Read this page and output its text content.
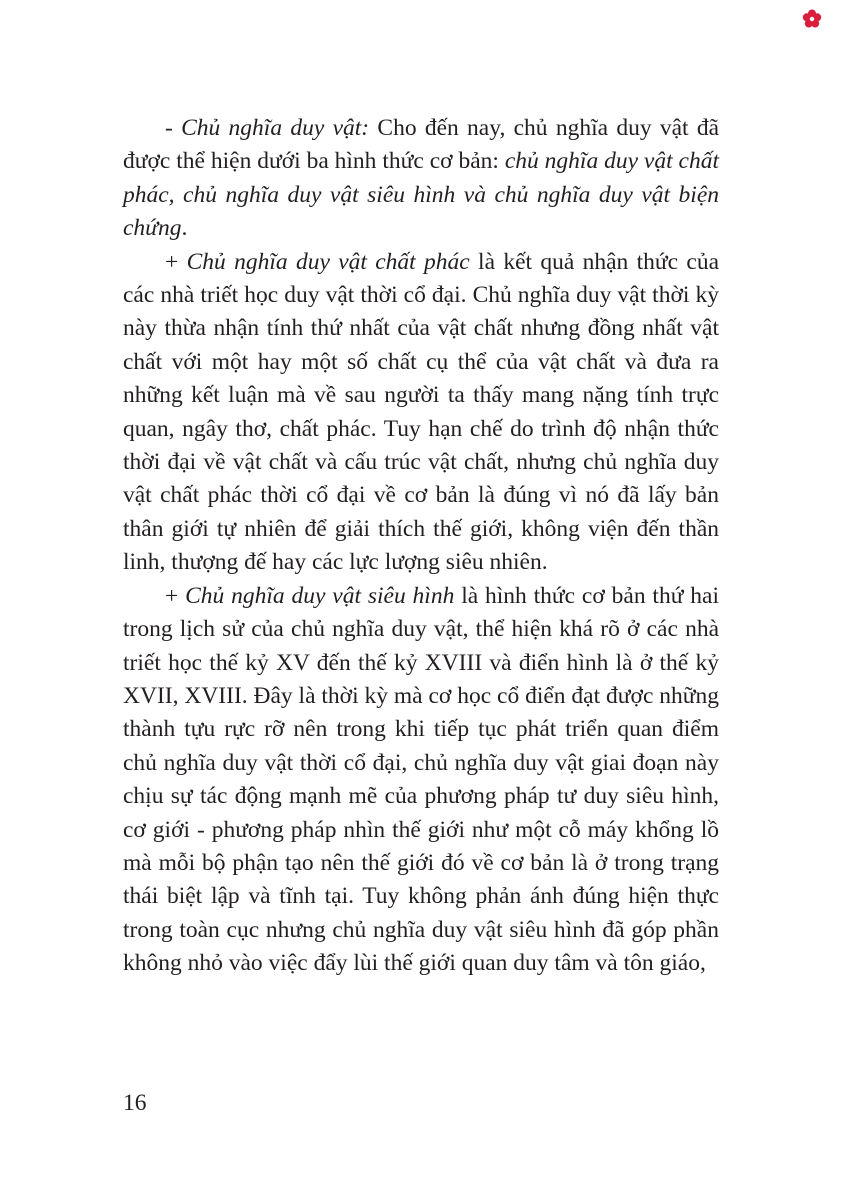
- Chủ nghĩa duy vật: Cho đến nay, chủ nghĩa duy vật đã được thể hiện dưới ba hình thức cơ bản: chủ nghĩa duy vật chất phác, chủ nghĩa duy vật siêu hình và chủ nghĩa duy vật biện chứng.

+ Chủ nghĩa duy vật chất phác là kết quả nhận thức của các nhà triết học duy vật thời cổ đại. Chủ nghĩa duy vật thời kỳ này thừa nhận tính thứ nhất của vật chất nhưng đồng nhất vật chất với một hay một số chất cụ thể của vật chất và đưa ra những kết luận mà về sau người ta thấy mang nặng tính trực quan, ngây thơ, chất phác. Tuy hạn chế do trình độ nhận thức thời đại về vật chất và cấu trúc vật chất, nhưng chủ nghĩa duy vật chất phác thời cổ đại về cơ bản là đúng vì nó đã lấy bản thân giới tự nhiên để giải thích thế giới, không viện đến thần linh, thượng đế hay các lực lượng siêu nhiên.

+ Chủ nghĩa duy vật siêu hình là hình thức cơ bản thứ hai trong lịch sử của chủ nghĩa duy vật, thể hiện khá rõ ở các nhà triết học thế kỷ XV đến thế kỷ XVIII và điển hình là ở thế kỷ XVII, XVIII. Đây là thời kỳ mà cơ học cổ điển đạt được những thành tựu rực rỡ nên trong khi tiếp tục phát triển quan điểm chủ nghĩa duy vật thời cổ đại, chủ nghĩa duy vật giai đoạn này chịu sự tác động mạnh mẽ của phương pháp tư duy siêu hình, cơ giới - phương pháp nhìn thế giới như một cỗ máy khổng lồ mà mỗi bộ phận tạo nên thế giới đó về cơ bản là ở trong trạng thái biệt lập và tĩnh tại. Tuy không phản ánh đúng hiện thực trong toàn cục nhưng chủ nghĩa duy vật siêu hình đã góp phần không nhỏ vào việc đẩy lùi thế giới quan duy tâm và tôn giáo,

16
